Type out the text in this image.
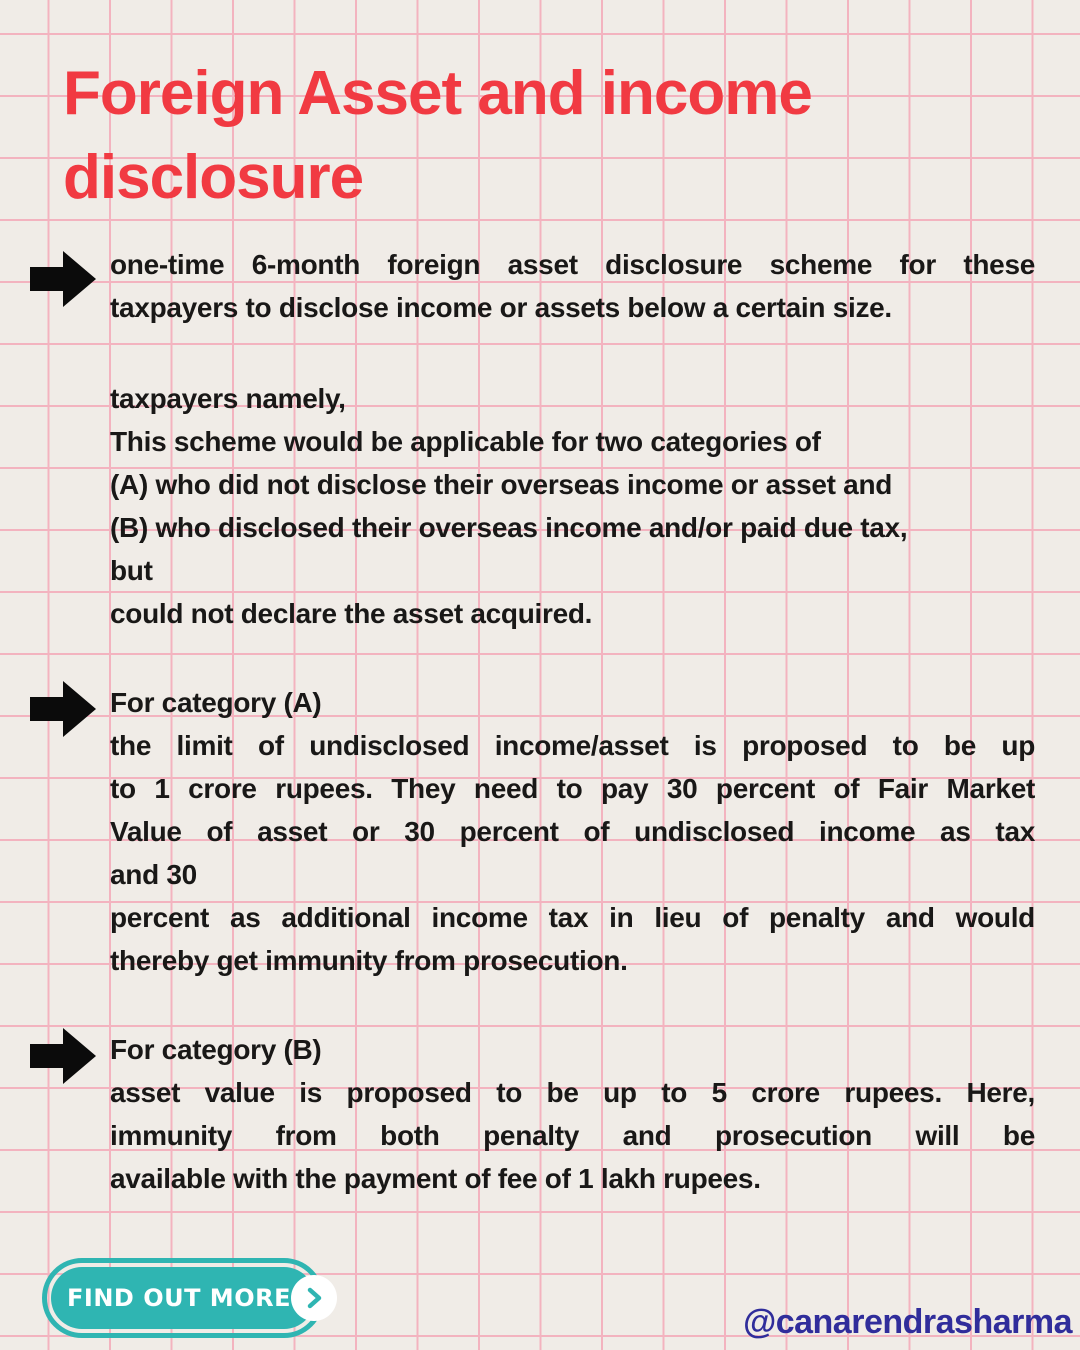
Foreign Asset and income
disclosure
one-time 6-month foreign asset disclosure scheme for these
taxpayers to disclose income or assets below a certain size.
taxpayers namely,
This scheme would be applicable for two categories of
(A) who did not disclose their overseas income or asset and
(B) who disclosed their overseas income and/or paid due tax,
but
could not declare the asset acquired.
For category (A)
the limit of undisclosed income/asset is proposed to be up
to 1 crore rupees. They need to pay 30 percent of Fair Market
Value of asset or 30 percent of undisclosed income as tax
and 30
percent as additional income tax in lieu of penalty and would
thereby get immunity from prosecution.
For category (B)
asset value is proposed to be up to 5 crore rupees. Here,
immunity from both penalty and prosecution will be
available with the payment of fee of 1 lakh rupees.
FIND OUT MORE
@canarendrasharma
